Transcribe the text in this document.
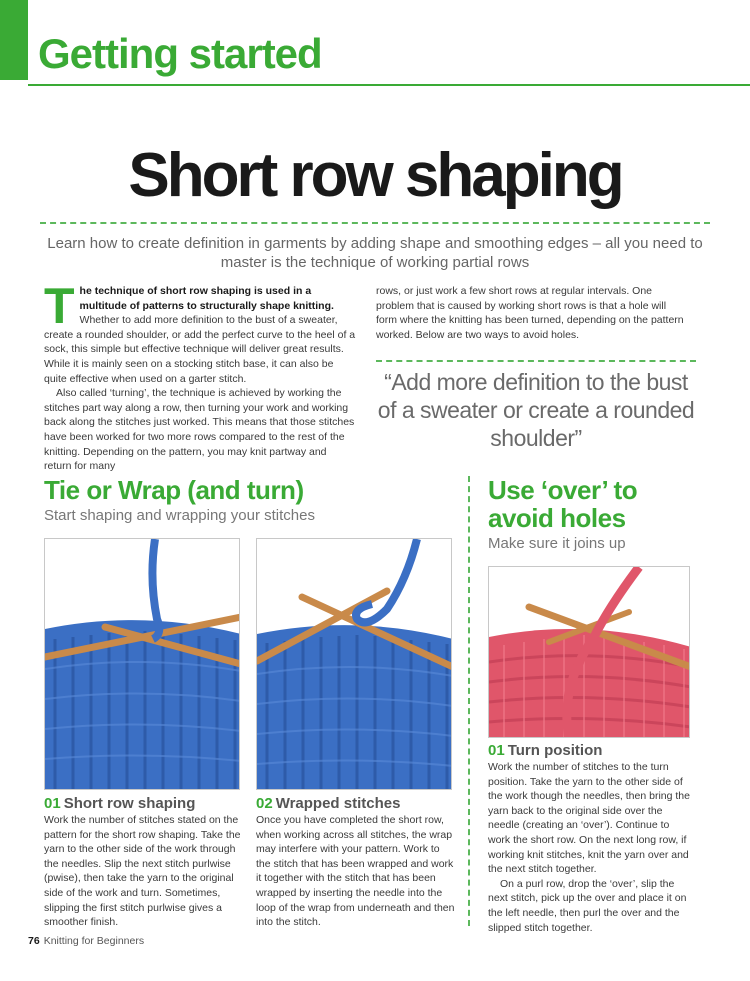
Getting started
Short row shaping
Learn how to create definition in garments by adding shape and smoothing edges – all you need to master is the technique of working partial rows
The technique of short row shaping is used in a multitude of patterns to structurally shape knitting. Whether to add more definition to the bust of a sweater, create a rounded shoulder, or add the perfect curve to the heel of a sock, this simple but effective technique will deliver great results. While it is mainly seen on a stocking stitch base, it can also be quite effective when used on a garter stitch.
Also called ‘turning’, the technique is achieved by working the stitches part way along a row, then turning your work and working back along the stitches just worked. This means that those stitches have been worked for two more rows compared to the rest of the knitting. Depending on the pattern, you may knit partway and return for many
rows, or just work a few short rows at regular intervals. One problem that is caused by working short rows is that a hole will form where the knitting has been turned, depending on the pattern worked. Below are two ways to avoid holes.
“Add more definition to the bust of a sweater or create a rounded shoulder”
Tie or Wrap (and turn)
Start shaping and wrapping your stitches
01 Short row shaping
Work the number of stitches stated on the pattern for the short row shaping. Take the yarn to the other side of the work through the needles. Slip the next stitch purlwise (pwise), then take the yarn to the original side of the work and turn. Sometimes, slipping the first stitch purlwise gives a smoother finish.
02 Wrapped stitches
Once you have completed the short row, when working across all stitches, the wrap may interfere with your pattern. Work to the stitch that has been wrapped and work it together with the stitch that has been wrapped by inserting the needle into the loop of the wrap from underneath and then into the stitch.
Use ‘over’ to
avoid holes
Make sure it joins up
01 Turn position
Work the number of stitches to the turn position. Take the yarn to the other side of the work though the needles, then bring the yarn back to the original side over the needle (creating an ‘over’). Continue to work the short row. On the next long row, if working knit stitches, knit the yarn over and the next stitch together.
On a purl row, drop the ‘over’, slip the next stitch, pick up the over and place it on the left needle, then purl the over and the slipped stitch together.
76 Knitting for Beginners
